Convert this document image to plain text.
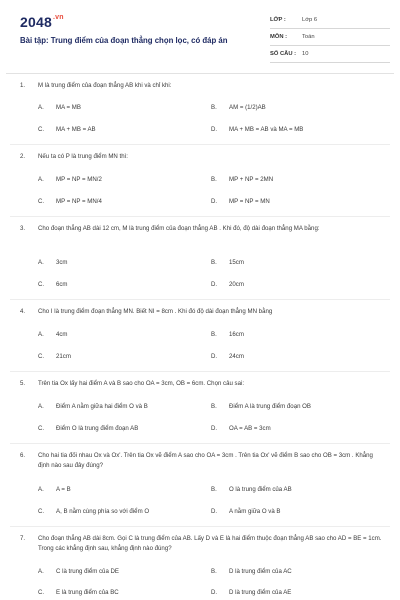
$2048^{.vn}$
Bài tập: Trung điểm của đoạn thẳng chọn lọc, có đáp án
LỚP :	Lớp 6
MÔN :	Toán
SỐ CÂU : 10
1. M là trung điểm của đoạn thẳng AB khi và chỉ khi:
A. MA = MB	B. AM = (1/2)AB
C. MA + MB = AB	D. MA + MB = AB và MA = MB
2. Nếu ta có P là trung điểm MN thì:
A. MP = NP = MN/2	B. MP + NP = 2MN
C. MP = NP = MN/4	D. MP = NP = MN
3. Cho đoạn thẳng AB dài 12 cm, M là trung điểm của đoạn thẳng AB . Khi đó, độ dài đoạn thẳng MA bằng:
A. 3cm	B. 15cm
C. 6cm	D. 20cm
4. Cho I là trung điểm đoạn thẳng MN. Biết NI = 8cm . Khi đó độ dài đoạn thẳng MN bằng
A. 4cm	B. 16cm
C. 21cm	D. 24cm
5. Trên tia Ox lấy hai điểm A và B sao cho OA = 3cm, OB = 6cm. Chọn câu sai:
A. Điểm A nằm giữa hai điểm O và B	B. Điểm A là trung điểm đoạn OB
C. Điểm O là trung điểm đoạn AB	D. OA = AB = 3cm
6. Cho hai tia đối nhau Ox và Ox'. Trên tia Ox vẽ điểm A sao cho OA = 3cm . Trên tia Ox' vẽ điểm B sao cho OB = 3cm . Khẳng định nào sau đây đúng?
A. A = B	B. O là trung điểm của AB
C. A, B nằm cùng phía so với điểm O	D. A nằm giữa O và B
7. Cho đoạn thẳng AB dài 8cm. Gọi C là trung điểm của AB. Lấy D và E là hai điểm thuộc đoạn thẳng AB sao cho AD = BE = 1cm. Trong các khẳng định sau, khẳng định nào đúng?
A. C là trung điểm của DE	B. D là trung điểm của AC
C. E là trung điểm của BC	D. D là trung điểm của AE
